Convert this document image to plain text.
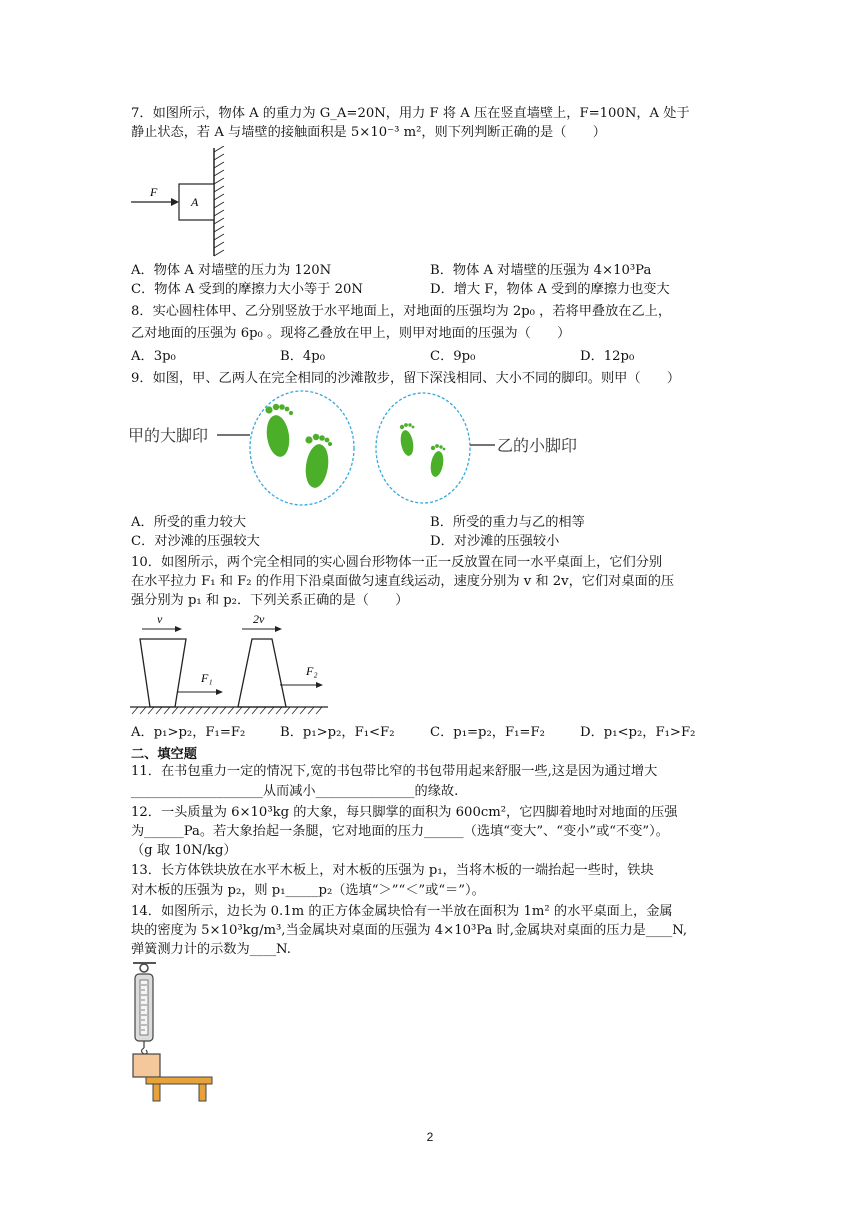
7．如图所示，物体 A 的重力为 G_A=20N，用力 F 将 A 压在竖直墙壁上，F=100N，A 处于
静止状态，若 A 与墙壁的接触面积是 5×10⁻³ m²，则下列判断正确的是（　　）
F
A
A．物体 A 对墙壁的压力为 120N	B．物体 A 对墙壁的压强为 4×10³Pa
C．物体 A 受到的摩擦力大小等于 20N	D．增大 F，物体 A 受到的摩擦力也变大
8．实心圆柱体甲、乙分别竖放于水平地面上，对地面的压强均为 2p₀ ，若将甲叠放在乙上，
乙对地面的压强为 6p₀ 。现将乙叠放在甲上，则甲对地面的压强为（　　）
A．3p₀	B．4p₀	C．9p₀	D．12p₀
9．如图，甲、乙两人在完全相同的沙滩散步，留下深浅相同、大小不同的脚印。则甲（　　）
甲的大脚印
乙的小脚印
A．所受的重力较大	B．所受的重力与乙的相等
C．对沙滩的压强较大	D．对沙滩的压强较小
10．如图所示，两个完全相同的实心圆台形物体一正一反放置在同一水平桌面上，它们分别
在水平拉力 F₁ 和 F₂ 的作用下沿桌面做匀速直线运动，速度分别为 v 和 2v，它们对桌面的压
强分别为 p₁ 和 p₂．下列关系正确的是（　　）
v	2v
F₁	F₂
A．p₁>p₂，F₁=F₂	B．p₁>p₂，F₁<F₂	C．p₁=p₂，F₁=F₂	D．p₁<p₂，F₁>F₂
二、填空题
11．在书包重力一定的情况下,宽的书包带比窄的书包带用起来舒服一些,这是因为通过增大
____________________从而减小_______________的缘故.
12．一头质量为 6×10³kg 的大象，每只脚掌的面积为 600cm²，它四脚着地时对地面的压强
为______Pa。若大象抬起一条腿，它对地面的压力______（选填“变大”、“变小”或“不变”）。
（g 取 10N/kg）
13．长方体铁块放在水平木板上，对木板的压强为 p₁，当将木板的一端抬起一些时，铁块
对木板的压强为 p₂，则 p₁_____p₂（选填“＞”“＜”或“＝”）。
14．如图所示，边长为 0.1m 的正方体金属块恰有一半放在面积为 1m² 的水平桌面上，金属
块的密度为 5×10³kg/m³,当金属块对桌面的压强为 4×10³Pa 时,金属块对桌面的压力是____N,
弹簧测力计的示数为____N.
2
